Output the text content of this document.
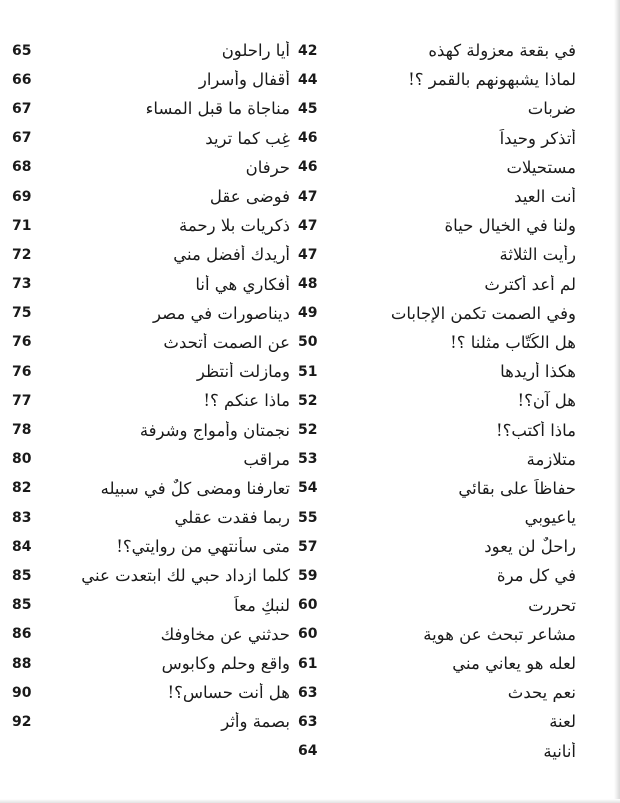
في بقعة معزولة كهذه
42
لماذا يشبهونهم بالقمر ؟!
44
ضربات
45
أتذكر وحيداً
46
مستحيلات
46
أنت العيد
47
ولنا في الخيال حياة
47
رأيت الثلاثة
47
لم أعد أكترث
48
وفي الصمت تكمن الإجابات
49
هل الكُتّاب مثلنا ؟!
50
هكذا أريدها
51
هل آن؟!
52
ماذا أكتب؟!
52
متلازمة
53
حفاظاً على بقائي
54
ياعيوبي
55
راحلٌ لن يعود
57
في كل مرة
59
تحررت
60
مشاعر تبحث عن هوية
60
لعله هو يعاني مني
61
نعم يحدث
63
لعنة
63
أنانية
64
أيا راحلون
65
أقفال وأسرار
66
مناجاة ما قبل المساء
67
غِب كما تريد
67
حرفان
68
فوضى عقل
69
ذكريات بلا رحمة
71
أريدك أفضل مني
72
أفكاري هي أنا
73
ديناصورات في مصر
75
عن الصمت أتحدث
76
ومازلت أنتظر
76
ماذا عنكم ؟!
77
نجمتان وأمواج وشرفة
78
مراقب
80
تعارفنا ومضى كلٌ في سبيله
82
ربما فقدت عقلي
83
متى سأنتهي من روايتي؟!
84
كلما ازداد حبي لك ابتعدت عني
85
لنبكِ معاً
85
حدثني عن مخاوفك
86
واقع وحلم وكابوس
88
هل أنت حساس؟!
90
بصمة وأثر
92
